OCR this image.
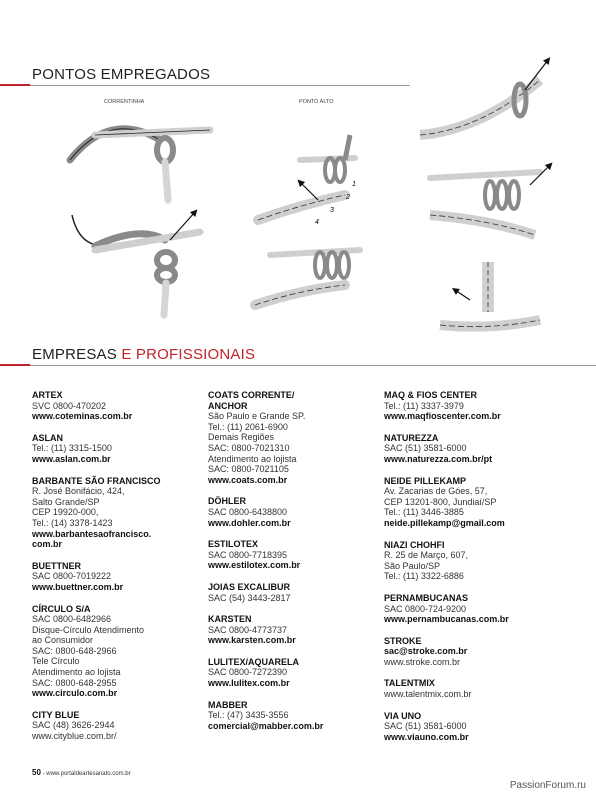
PONTOS EMPREGADOS
CORRENTINHA	PONTO ALTO
1
2
3
4
EMPRESAS E PROFISSIONAIS
ARTEX
SVC 0800-470202
www.coteminas.com.br
ASLAN
Tel.: (11) 3315-1500
www.aslan.com.br
BARBANTE SÃO FRANCISCO
R. José Bonifácio, 424,
Salto Grande/SP
CEP 19920-000,
Tel.: (14) 3378-1423
www.barbantesaofrancisco.
com.br
BUETTNER
SAC 0800-7019222
www.buettner.com.br
CÍRCULO S/A
SAC 0800-6482966
Disque-Círculo Atendimento
ao Consumidor
SAC: 0800-648-2966
Tele Círculo
Atendimento ao lojista
SAC: 0800-648-2955
www.circulo.com.br
CITY BLUE
SAC (48) 3626-2944
www.cityblue.com.br/
COATS CORRENTE/
ANCHOR
São Paulo e Grande SP.
Tel.: (11) 2061-6900
Demais Regiões
SAC: 0800-7021310
Atendimento ao lojista
SAC: 0800-7021105
www.coats.com.br
DÖHLER
SAC 0800-6438800
www.dohler.com.br
ESTILOTEX
SAC 0800-7718395
www.estilotex.com.br
JOIAS EXCALIBUR
SAC (54) 3443-2817
KARSTEN
SAC 0800-4773737
www.karsten.com.br
LULITEX/AQUARELA
SAC 0800-7272390
www.lulitex.com.br
MABBER
Tel.: (47) 3435-3556
comercial@mabber.com.br
MAQ & FIOS CENTER
Tel.: (11) 3337-3979
www.maqfioscenter.com.br
NATUREZZA
SAC (51) 3581-6000
www.naturezza.com.br/pt
NEIDE PILLEKAMP
Av. Zacarias de Góes, 57,
CEP 13201-800, Jundiaí/SP
Tel.: (11) 3446-3885
neide.pillekamp@gmail.com
NIAZI CHOHFI
R. 25 de Março, 607,
São Paulo/SP
Tel.: (11) 3322-6886
PERNAMBUCANAS
SAC 0800-724-9200
www.pernambucanas.com.br
STROKE
sac@stroke.com.br
www.stroke.com.br
TALENTMIX
www.talentmix.com.br
VIA UNO
SAC (51) 3581-6000
www.viauno.com.br
50 - www.portaldeartesanato.com.br
PassionForum.ru
